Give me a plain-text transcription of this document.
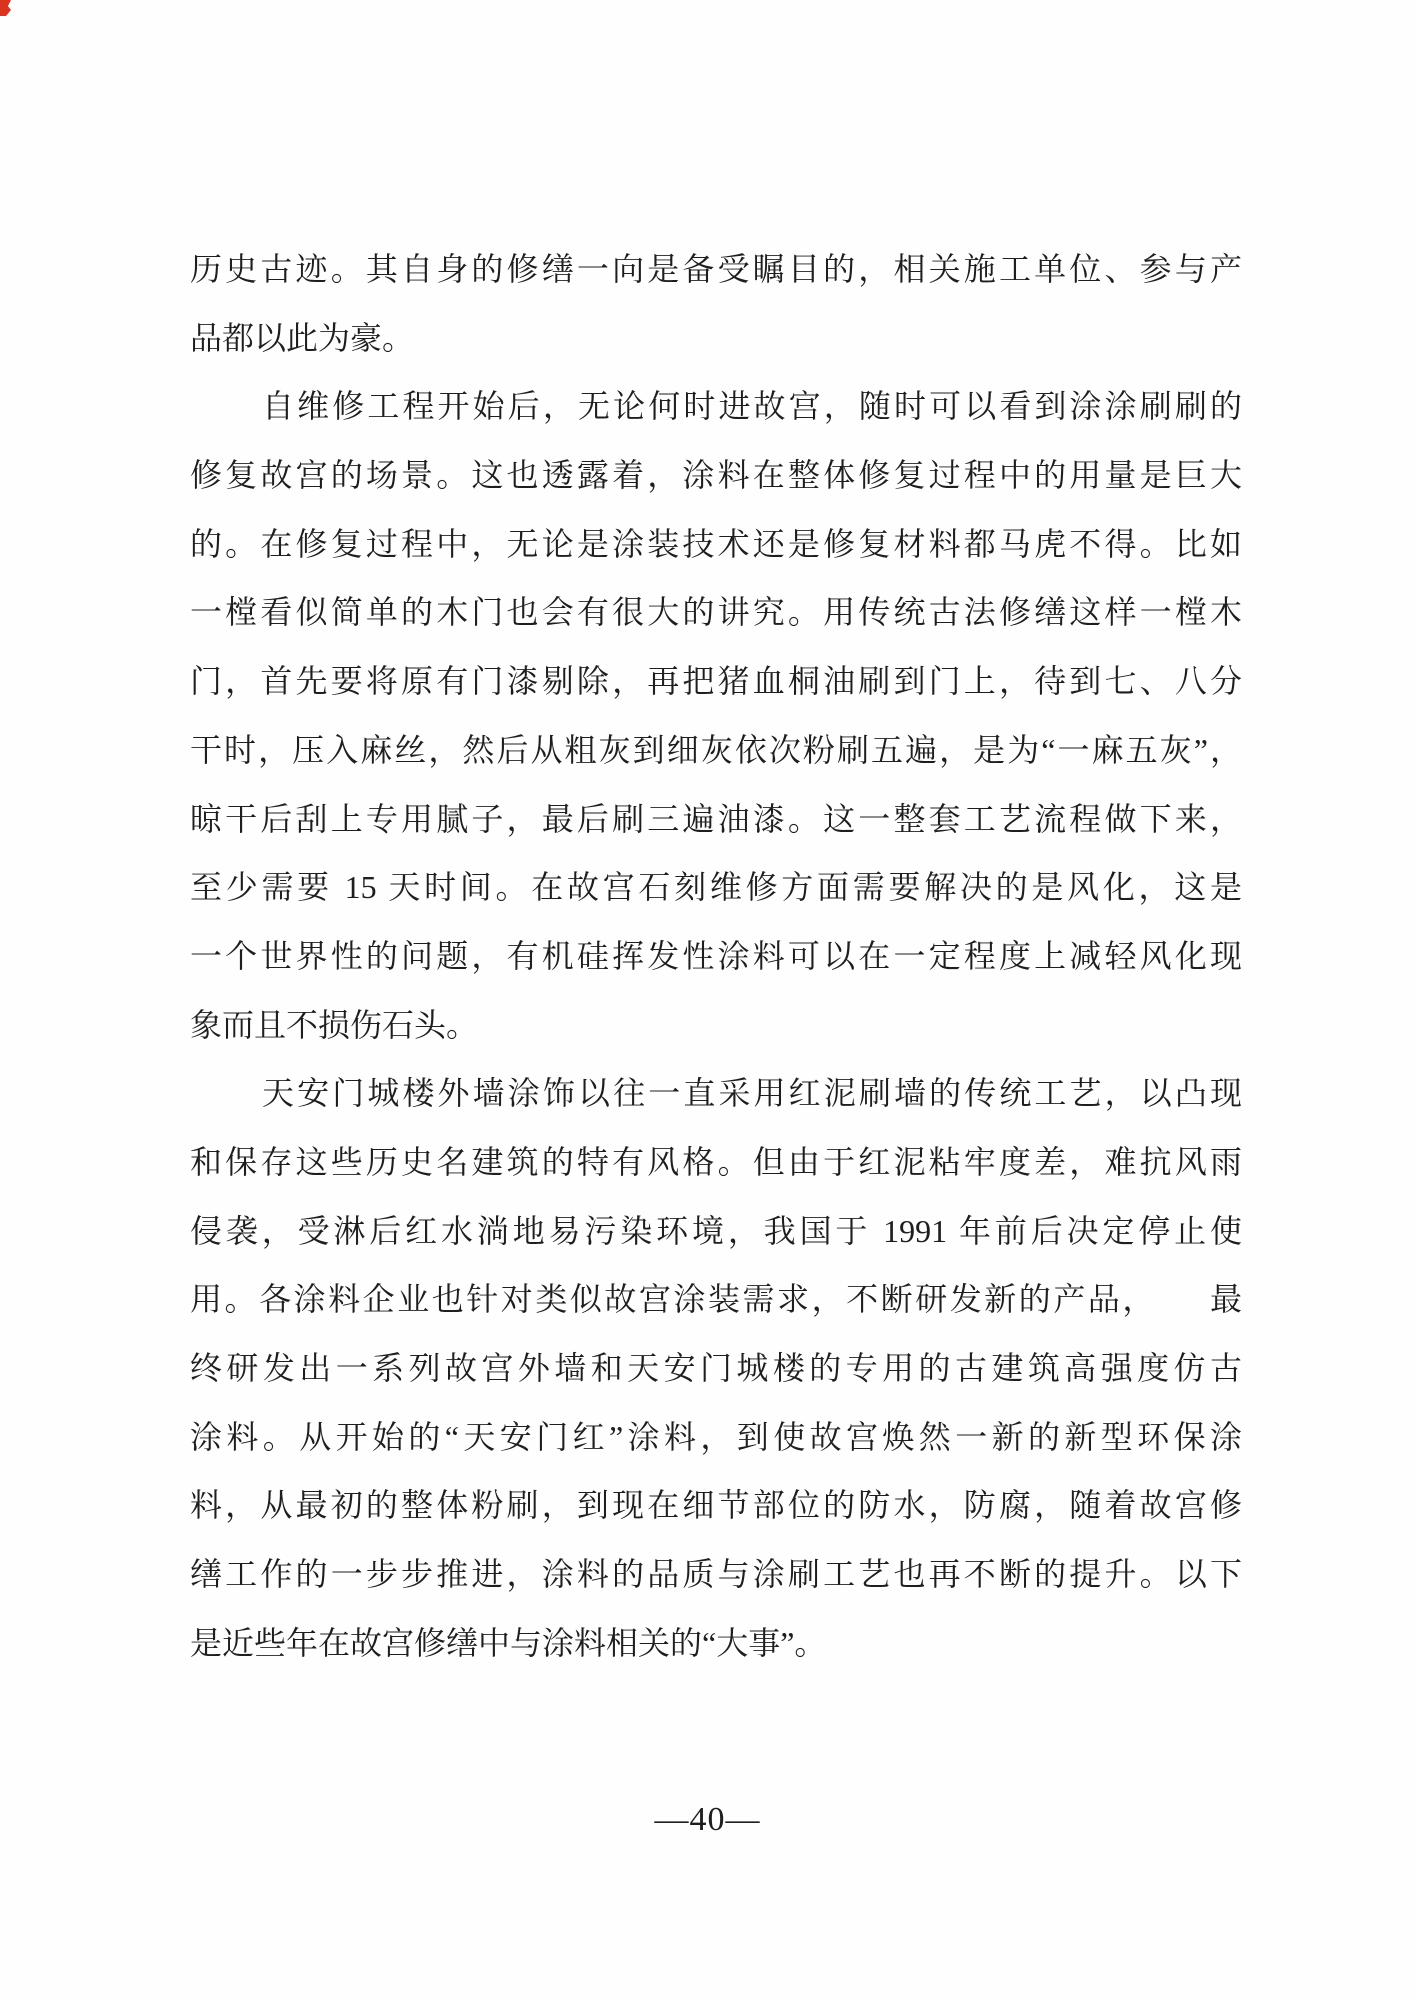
历史古迹。其自身的修缮一向是备受瞩目的，相关施工单位、参与产
品都以此为豪。
自维修工程开始后，无论何时进故宫，随时可以看到涂涂刷刷的
修复故宫的场景。这也透露着，涂料在整体修复过程中的用量是巨大
的。在修复过程中，无论是涂装技术还是修复材料都马虎不得。比如
一樘看似简单的木门也会有很大的讲究。用传统古法修缮这样一樘木
门，首先要将原有门漆剔除，再把猪血桐油刷到门上，待到七、八分
干时，压入麻丝，然后从粗灰到细灰依次粉刷五遍，是为“一麻五灰”，
晾干后刮上专用腻子，最后刷三遍油漆。这一整套工艺流程做下来，
至少需要 15 天时间。在故宫石刻维修方面需要解决的是风化，这是
一个世界性的问题，有机硅挥发性涂料可以在一定程度上减轻风化现
象而且不损伤石头。
天安门城楼外墙涂饰以往一直采用红泥刷墙的传统工艺，以凸现
和保存这些历史名建筑的特有风格。但由于红泥粘牢度差，难抗风雨
侵袭，受淋后红水淌地易污染环境，我国于 1991 年前后决定停止使
用。各涂料企业也针对类似故宫涂装需求，不断研发新的产品，　　最
终研发出一系列故宫外墙和天安门城楼的专用的古建筑高强度仿古
涂料。从开始的“天安门红”涂料，到使故宫焕然一新的新型环保涂
料，从最初的整体粉刷，到现在细节部位的防水，防腐，随着故宫修
缮工作的一步步推进，涂料的品质与涂刷工艺也再不断的提升。以下
是近些年在故宫修缮中与涂料相关的“大事”。
—40—
